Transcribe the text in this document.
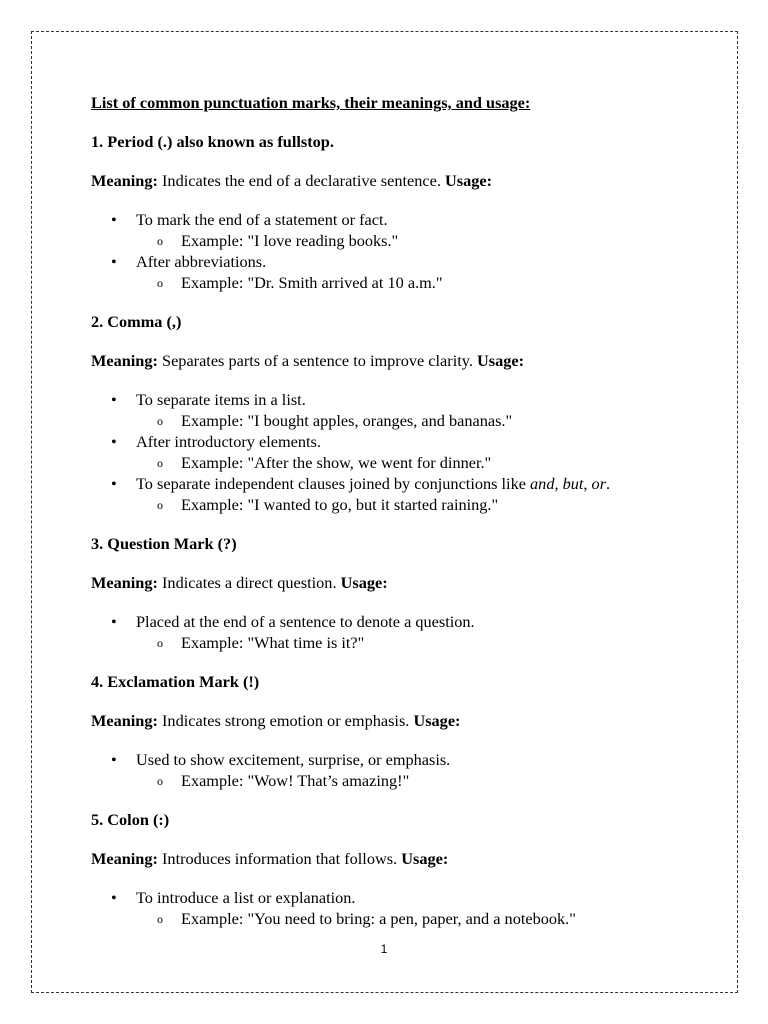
List of common punctuation marks, their meanings, and usage:
1. Period (.) also known as fullstop.

Meaning: Indicates the end of a declarative sentence. Usage:

• To mark the end of a statement or fact.
o Example: "I love reading books."
• After abbreviations.
o Example: "Dr. Smith arrived at 10 a.m."
2. Comma (,)

Meaning: Separates parts of a sentence to improve clarity. Usage:

• To separate items in a list.
o Example: "I bought apples, oranges, and bananas."
• After introductory elements.
o Example: "After the show, we went for dinner."
• To separate independent clauses joined by conjunctions like and, but, or.
o Example: "I wanted to go, but it started raining."
3. Question Mark (?)

Meaning: Indicates a direct question. Usage:

• Placed at the end of a sentence to denote a question.
o Example: "What time is it?"
4. Exclamation Mark (!)

Meaning: Indicates strong emotion or emphasis. Usage:

• Used to show excitement, surprise, or emphasis.
o Example: "Wow! That’s amazing!"
5. Colon (:)

Meaning: Introduces information that follows. Usage:

• To introduce a list or explanation.
o Example: "You need to bring: a pen, paper, and a notebook."
1
